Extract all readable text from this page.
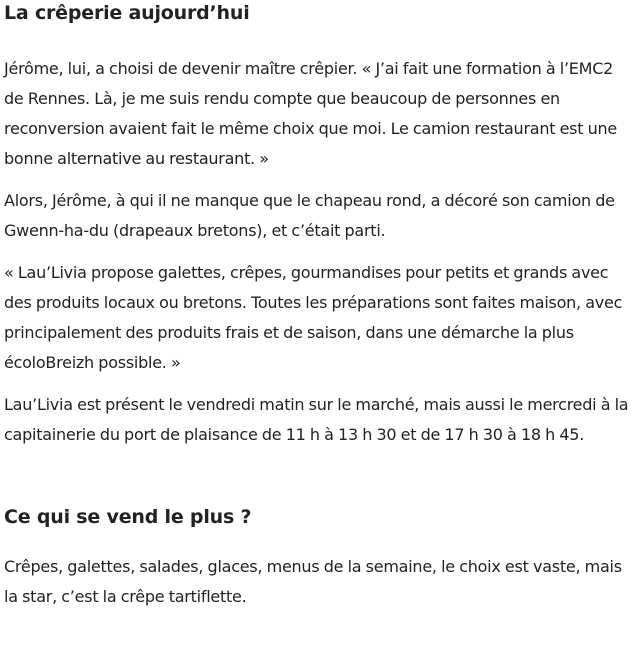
La crêperie aujourd’hui

Jérôme, lui, a choisi de devenir maître crêpier. « J’ai fait une formation à l’EMC2 de Rennes. Là, je me suis rendu compte que beaucoup de personnes en reconversion avaient fait le même choix que moi. Le camion restaurant est une bonne alternative au restaurant. »

Alors, Jérôme, à qui il ne manque que le chapeau rond, a décoré son camion de Gwenn-ha-du (drapeaux bretons), et c’était parti.

« Lau’Livia propose galettes, crêpes, gourmandises pour petits et grands avec des produits locaux ou bretons. Toutes les préparations sont faites maison, avec principalement des produits frais et de saison, dans une démarche la plus écoloBreizh possible. »

Lau’Livia est présent le vendredi matin sur le marché, mais aussi le mercredi à la capitainerie du port de plaisance de 11 h à 13 h 30 et de 17 h 30 à 18 h 45.

Ce qui se vend le plus ?

Crêpes, galettes, salades, glaces, menus de la semaine, le choix est vaste, mais la star, c’est la crêpe tartiflette.
